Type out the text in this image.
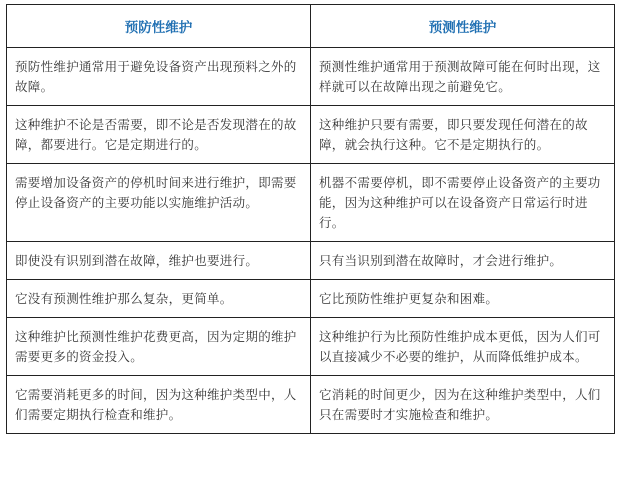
预防性维护	预测性维护
预防性维护通常用于避免设备资产出现预料之外的故障。	预测性维护通常用于预测故障可能在何时出现，这样就可以在故障出现之前避免它。
这种维护不论是否需要，即不论是否发现潜在的故障，都要进行。它是定期进行的。	这种维护只要有需要，即只要发现任何潜在的故障，就会执行这种。它不是定期执行的。
需要增加设备资产的停机时间来进行维护，即需要停止设备资产的主要功能以实施维护活动。	机器不需要停机，即不需要停止设备资产的主要功能，因为这种维护可以在设备资产日常运行时进行。
即使没有识别到潜在故障，维护也要进行。	只有当识别到潜在故障时，才会进行维护。
它没有预测性维护那么复杂，更简单。	它比预防性维护更复杂和困难。
这种维护比预测性维护花费更高，因为定期的维护需要更多的资金投入。	这种维护行为比预防性维护成本更低，因为人们可以直接减少不必要的维护，从而降低维护成本。
它需要消耗更多的时间，因为这种维护类型中，人们需要定期执行检查和维护。	它消耗的时间更少，因为在这种维护类型中，人们只在需要时才实施检查和维护。
